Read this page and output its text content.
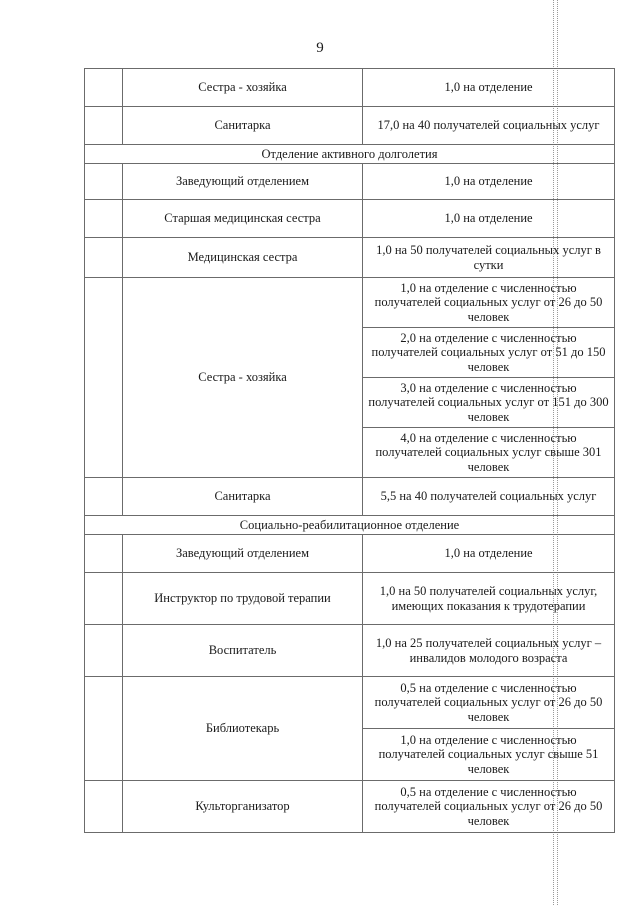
9
	Сестра - хозяйка	1,0 на отделение
	Санитарка	17,0 на 40 получателей социальных услуг
Отделение активного долголетия		
	Заведующий отделением	1,0 на отделение
	Старшая медицинская сестра	1,0 на отделение
	Медицинская сестра	1,0 на 50 получателей социальных услуг в сутки
	Сестра - хозяйка	1,0 на отделение с численностью получателей социальных услуг от 26 до 50 человек
		2,0 на отделение с численностью получателей социальных услуг от 51 до 150 человек
		3,0 на отделение с численностью получателей социальных услуг от 151 до 300 человек
		4,0 на отделение с численностью получателей социальных услуг свыше 301 человек
	Санитарка	5,5 на 40 получателей социальных услуг
Социально-реабилитационное отделение		
	Заведующий отделением	1,0 на отделение
	Инструктор по трудовой терапии	1,0 на 50 получателей социальных услуг, имеющих показания к трудотерапии
	Воспитатель	1,0 на 25 получателей социальных услуг – инвалидов молодого возраста
	Библиотекарь	0,5 на отделение с численностью получателей социальных услуг от 26 до 50 человек
		1,0 на отделение с численностью получателей социальных услуг свыше 51 человек
	Культорганизатор	0,5 на отделение с численностью получателей социальных услуг от 26 до 50 человек
